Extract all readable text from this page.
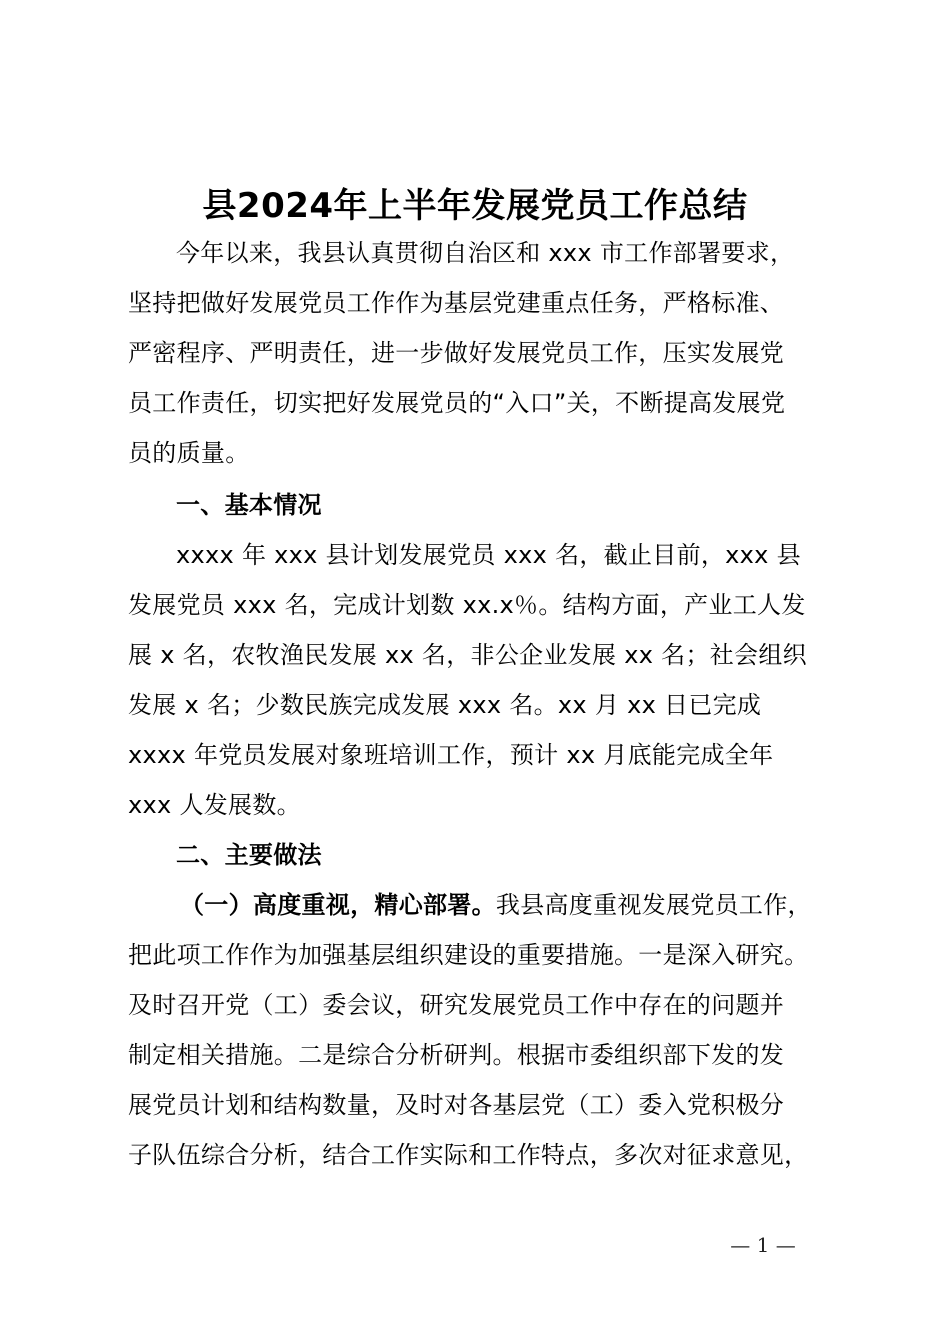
县2024年上半年发展党员工作总结
今年以来，我县认真贯彻自治区和 xxx 市工作部署要求，
坚持把做好发展党员工作作为基层党建重点任务，严格标准、
严密程序、严明责任，进一步做好发展党员工作，压实发展党
员工作责任，切实把好发展党员的“入口”关，不断提高发展党
员的质量。
一、基本情况
xxxx 年 xxx 县计划发展党员 xxx 名，截止目前，xxx 县
发展党员 xxx 名，完成计划数 xx.x％。结构方面，产业工人发
展 x 名，农牧渔民发展 xx 名，非公企业发展 xx 名；社会组织
发展 x 名；少数民族完成发展 xxx 名。xx 月 xx 日已完成
xxxx 年党员发展对象班培训工作，预计 xx 月底能完成全年
xxx 人发展数。
二、主要做法
（一）高度重视，精心部署。我县高度重视发展党员工作，
把此项工作作为加强基层组织建设的重要措施。一是深入研究。
及时召开党（工）委会议，研究发展党员工作中存在的问题并
制定相关措施。二是综合分析研判。根据市委组织部下发的发
展党员计划和结构数量，及时对各基层党（工）委入党积极分
子队伍综合分析，结合工作实际和工作特点，多次对征求意见，
— 1 —
